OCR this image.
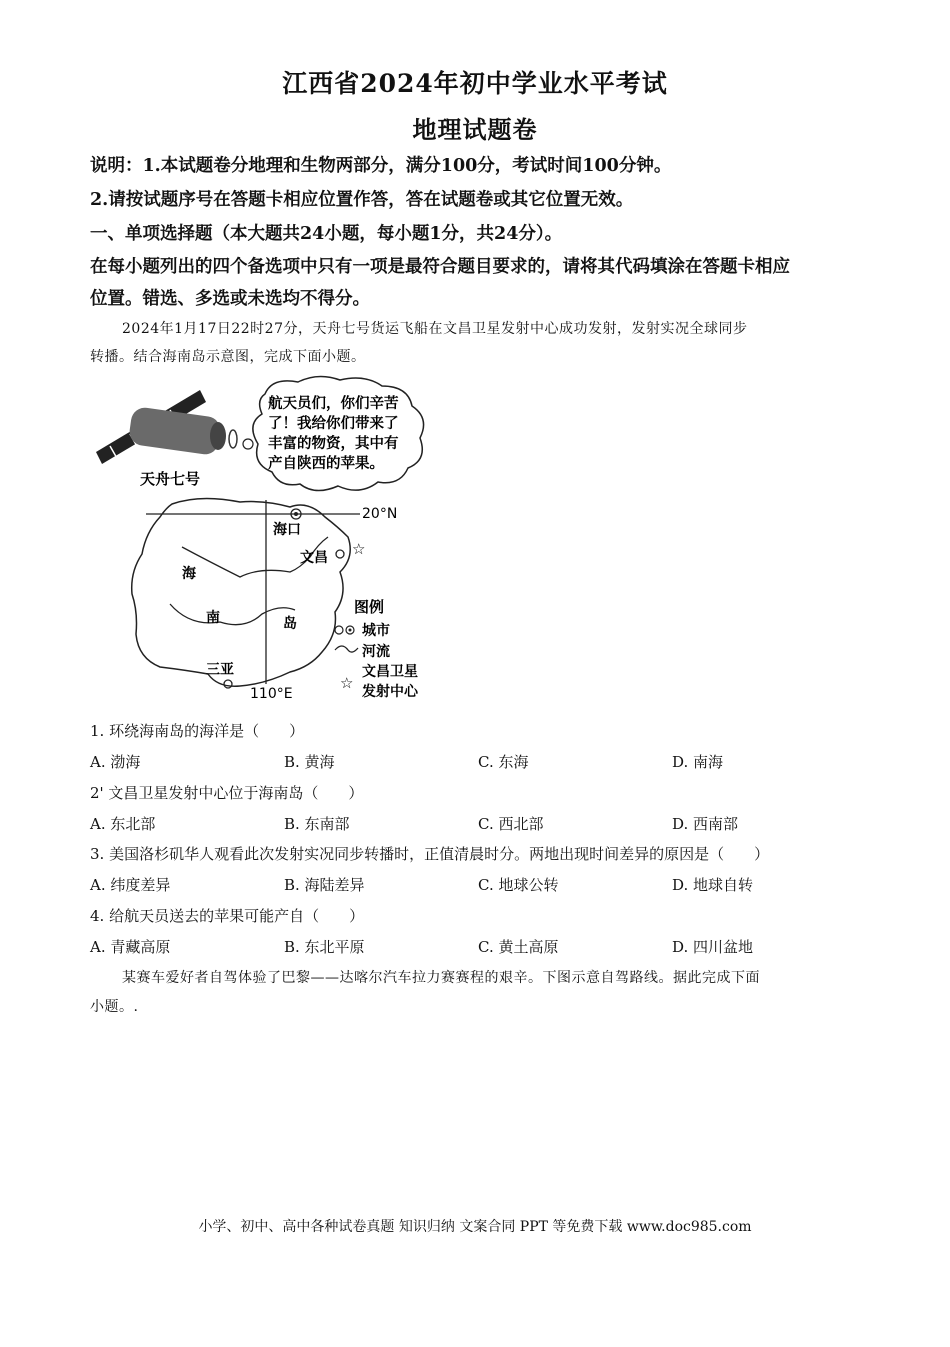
江西省2024年初中学业水平考试
地理试题卷
说明：1.本试题卷分地理和生物两部分，满分100分，考试时间100分钟。
2.请按试题序号在答题卡相应位置作答，答在试题卷或其它位置无效。
一、单项选择题（本大题共24小题，每小题1分，共24分）。
在每小题列出的四个备选项中只有一项是最符合题目要求的，请将其代码填涂在答题卡相应
位置。错选、多选或未选均不得分。
2024年1月17日22时27分，天舟七号货运飞船在文昌卫星发射中心成功发射，发射实况全球同步
转播。结合海南岛示意图，完成下面小题。
天舟七号
航天员们，你们辛苦
了！我给你们带来了
丰富的物资，其中有
产自陕西的苹果。
20°N
110°E
海口
文昌 ☆
三亚
海
南	岛
图例
城市
河流
☆
文昌卫星
发射中心
1. 环绕海南岛的海洋是（　　）
A. 渤海	B. 黄海	C. 东海	D. 南海
2' 文昌卫星发射中心位于海南岛（　　）
A. 东北部	B. 东南部	C. 西北部	D. 西南部
3. 美国洛杉矶华人观看此次发射实况同步转播时，正值清晨时分。两地出现时间差异的原因是（　　）
A. 纬度差异	B. 海陆差异	C. 地球公转	D. 地球自转
4. 给航天员送去的苹果可能产自（　　）
A. 青藏高原	B. 东北平原	C. 黄土高原	D. 四川盆地
某赛车爱好者自驾体验了巴黎——达喀尔汽车拉力赛赛程的艰辛。下图示意自驾路线。据此完成下面
小题。.
小学、初中、高中各种试卷真题 知识归纳 文案合同 PPT 等免费下载 www.doc985.com
